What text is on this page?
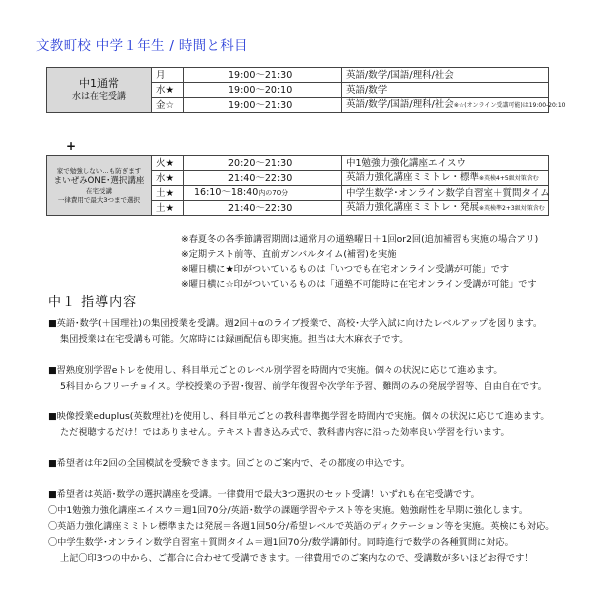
文教町校 中学１年生 / 時間と科目
中1通常
水は在宅受講	月	19:00〜21:30	英語/数学/国語/理科/社会
	水★	19:00〜20:10	英語/数学
	金☆	19:00〜21:30	英語/数学/国語/理科/社会※☆(オンライン受講可能)は19:00-20:10
+
家で勉強しない…も防ぎます
まいぜみONE･選択講座
在宅受講
一律費用で最大3つまで選択	火★	20:20〜21:30	中1勉強力強化講座エイスウ
	水★	21:40〜22:30	英語力強化講座ミミトレ・標準※英検4+5級対策含む
	土★	16:10〜18:40内の70分	中学生数学･オンライン数学自習室＋質問タイム
	土★	21:40〜22:30	英語力強化講座ミミトレ・発展※英検準2+3級対策含む
※春夏冬の各季節講習期間は通常月の通塾曜日＋1回or2回(追加補習も実施の場合アリ)
※定期テスト前等、直前ガンバルタイム(補習)を実施
※曜日横に★印がついているものは「いつでも在宅オンライン受講が可能」です
※曜日横に☆印がついているものは「通塾不可能時に在宅オンライン受講が可能」です
中１ 指導内容
■英語･数学(＋国理社)の集団授業を受講。週2回＋αのライブ授業で、高校･大学入試に向けたレベルアップを図ります。
集団授業は在宅受講も可能。欠席時には録画配信も即実施。担当は大木麻衣子です。
■習熟度別学習eトレを使用し、科目単元ごとのレベル別学習を時間内で実施。個々の状況に応じて進めます。
5科目からフリーチョイス。学校授業の予習･復習、前学年復習や次学年予習、難問のみの発展学習等、自由自在です。
■映像授業eduplus(英数理社)を使用し、科目単元ごとの教科書準拠学習を時間内で実施。個々の状況に応じて進めます。
ただ視聴するだけ！ではありません。テキスト書き込み式で、教科書内容に沿った効率良い学習を行います。
■希望者は年2回の全国模試を受験できます。回ごとのご案内で、その都度の申込です。
■希望者は英語･数学の選択講座を受講。一律費用で最大3つ選択のセット受講！いずれも在宅受講です。
〇中1勉強力強化講座エイスウ＝週1回70分/英語･数学の課題学習やテスト等を実施。勉強耐性を早期に強化します。
〇英語力強化講座ミミトレ標準または発展＝各週1回50分/希望レベルで英語のディクテーション等を実施。英検にも対応。
〇中学生数学･オンライン数学自習室＋質問タイム＝週1回70分/数学講師付。同時進行で数学の各種質問に対応。
上記〇印3つの中から、ご都合に合わせて受講できます。一律費用でのご案内なので、受講数が多いほどお得です！
